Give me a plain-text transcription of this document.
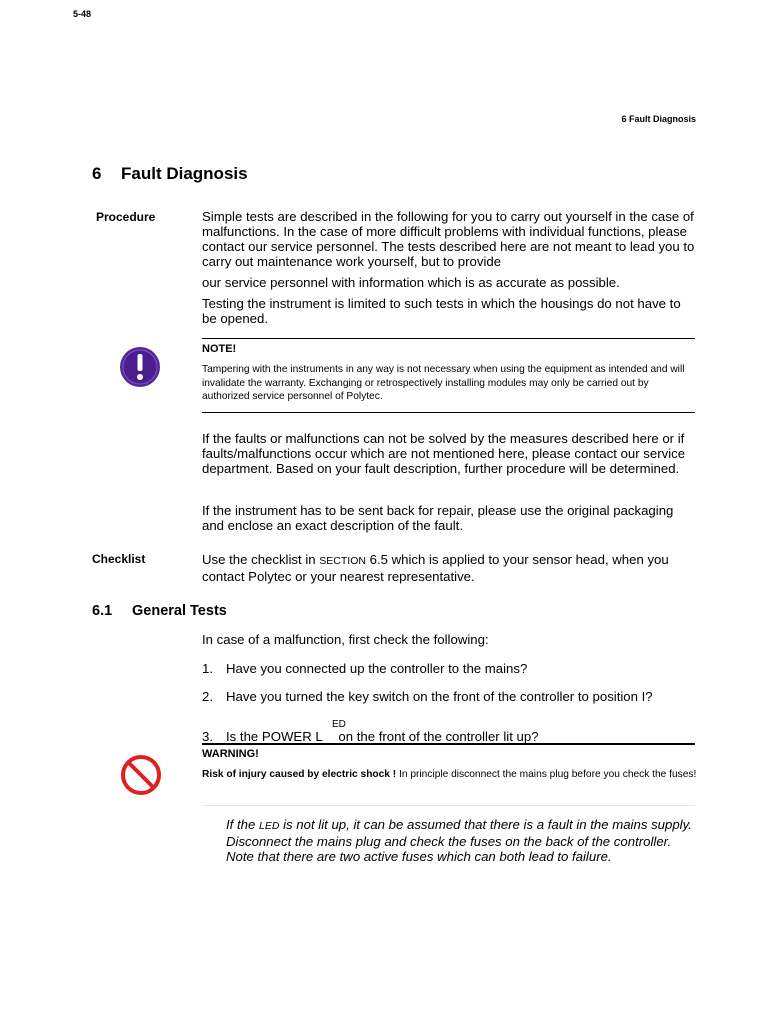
5-48
6 Fault Diagnosis
6 Fault Diagnosis
Procedure	Simple tests are described in the following for you to carry out yourself in the case of malfunctions. In the case of more difficult problems with individual functions, please contact our service personnel. The tests described here are not meant to lead you to carry out maintenance work yourself, but to provide
our service personnel with information which is as accurate as possible.
Testing the instrument is limited to such tests in which the housings do not have to be opened.
NOTE!
Tampering with the instruments in any way is not necessary when using the equipment as intended and will invalidate the warranty. Exchanging or retrospectively installing modules may only be carried out by authorized service personnel of Polytec.
If the faults or malfunctions can not be solved by the measures described here or if faults/malfunctions occur which are not mentioned here, please contact our service department. Based on your fault description, further procedure will be determined.
If the instrument has to be sent back for repair, please use the original packaging and enclose an exact description of the fault.
Checklist	Use the checklist in SECTION 6.5 which is applied to your sensor head, when you contact Polytec or your nearest representative.
6.1 General Tests
In case of a malfunction, first check the following:
1. Have you connected up the controller to the mains?
2. Have you turned the key switch on the front of the controller to position I?
3. Is the POWER L
ED
on the front of the controller lit up?
WARNING!
Risk of injury caused by electric shock ! In principle disconnect the mains plug before you check the fuses!
If the LED is not lit up, it can be assumed that there is a fault in the mains supply. Disconnect the mains plug and check the fuses on the back of the controller. Note that there are two active fuses which can both lead to failure.
